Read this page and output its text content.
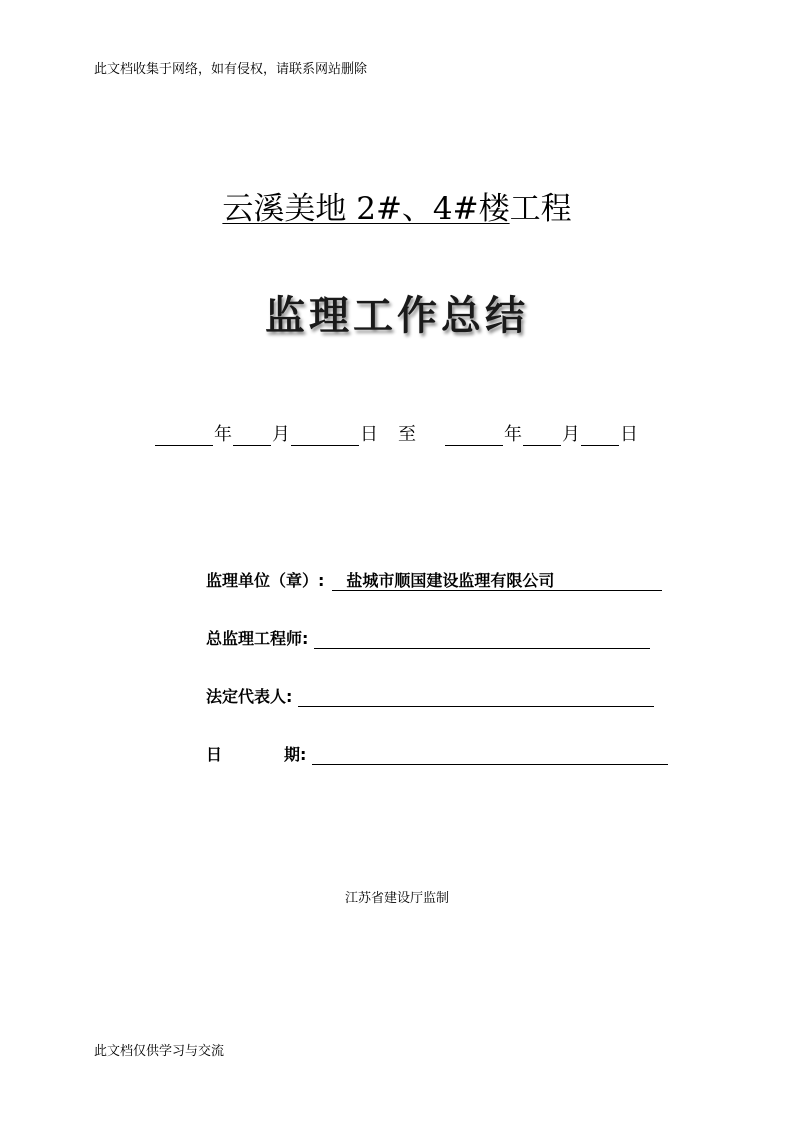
此文档收集于网络，如有侵权，请联系网站删除
云溪美地 2#、4#楼工程
监理工作总结
年 月	日 至	年 月 日
监理单位（章）:	盐城市顺国建设监理有限公司
总监理工程师:
法定代表人:
日	期:
江苏省建设厅监制
此文档仅供学习与交流
